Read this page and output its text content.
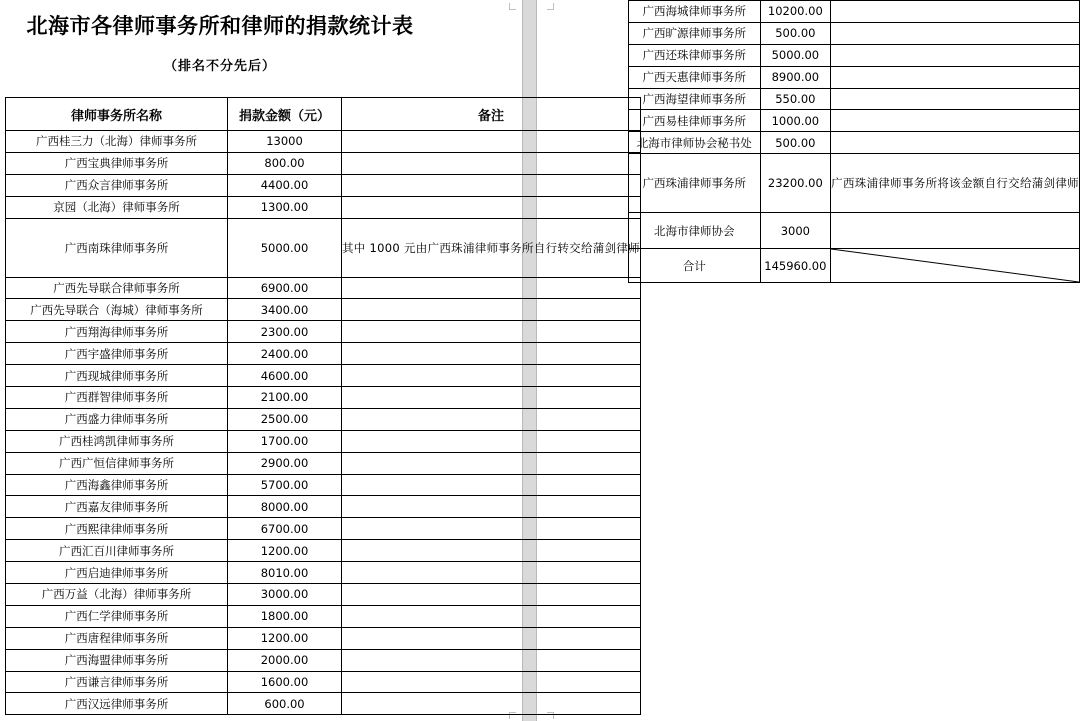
北海市各律师事务所和律师的捐款统计表
（排名不分先后）
律师事务所名称	捐款金额（元）	备注
广西桂三力（北海）律师事务所	13000	
广西宝典律师事务所	800.00	
广西众言律师事务所	4400.00	
京园（北海）律师事务所	1300.00	
广西南珠律师事务所	5000.00	其中 1000 元由广西珠浦律师事务所自行转交给蒲剑律师
广西先导联合律师事务所	6900.00	
广西先导联合（海城）律师事务所	3400.00	
广西翔海律师事务所	2300.00	
广西宇盛律师事务所	2400.00	
广西现城律师事务所	4600.00	
广西群智律师事务所	2100.00	
广西盛力律师事务所	2500.00	
广西桂鸿凯律师事务所	1700.00	
广西广恒信律师事务所	2900.00	
广西海鑫律师事务所	5700.00	
广西嘉友律师事务所	8000.00	
广西熙律律师事务所	6700.00	
广西汇百川律师事务所	1200.00	
广西启迪律师事务所	8010.00	
广西万益（北海）律师事务所	3000.00	
广西仁学律师事务所	1800.00	
广西唐程律师事务所	1200.00	
广西海盟律师事务所	2000.00	
广西谦言律师事务所	1600.00	
广西汉远律师事务所	600.00	
广西海城律师事务所	10200.00	
广西旷源律师事务所	500.00	
广西还珠律师事务所	5000.00	
广西天惠律师事务所	8900.00	
广西海望律师事务所	550.00	
广西易桂律师事务所	1000.00	
北海市律师协会秘书处	500.00	
广西珠浦律师事务所	23200.00	广西珠浦律师事务所将该金额自行交给蒲剑律师
北海市律师协会	3000	
合计	145960.00	
